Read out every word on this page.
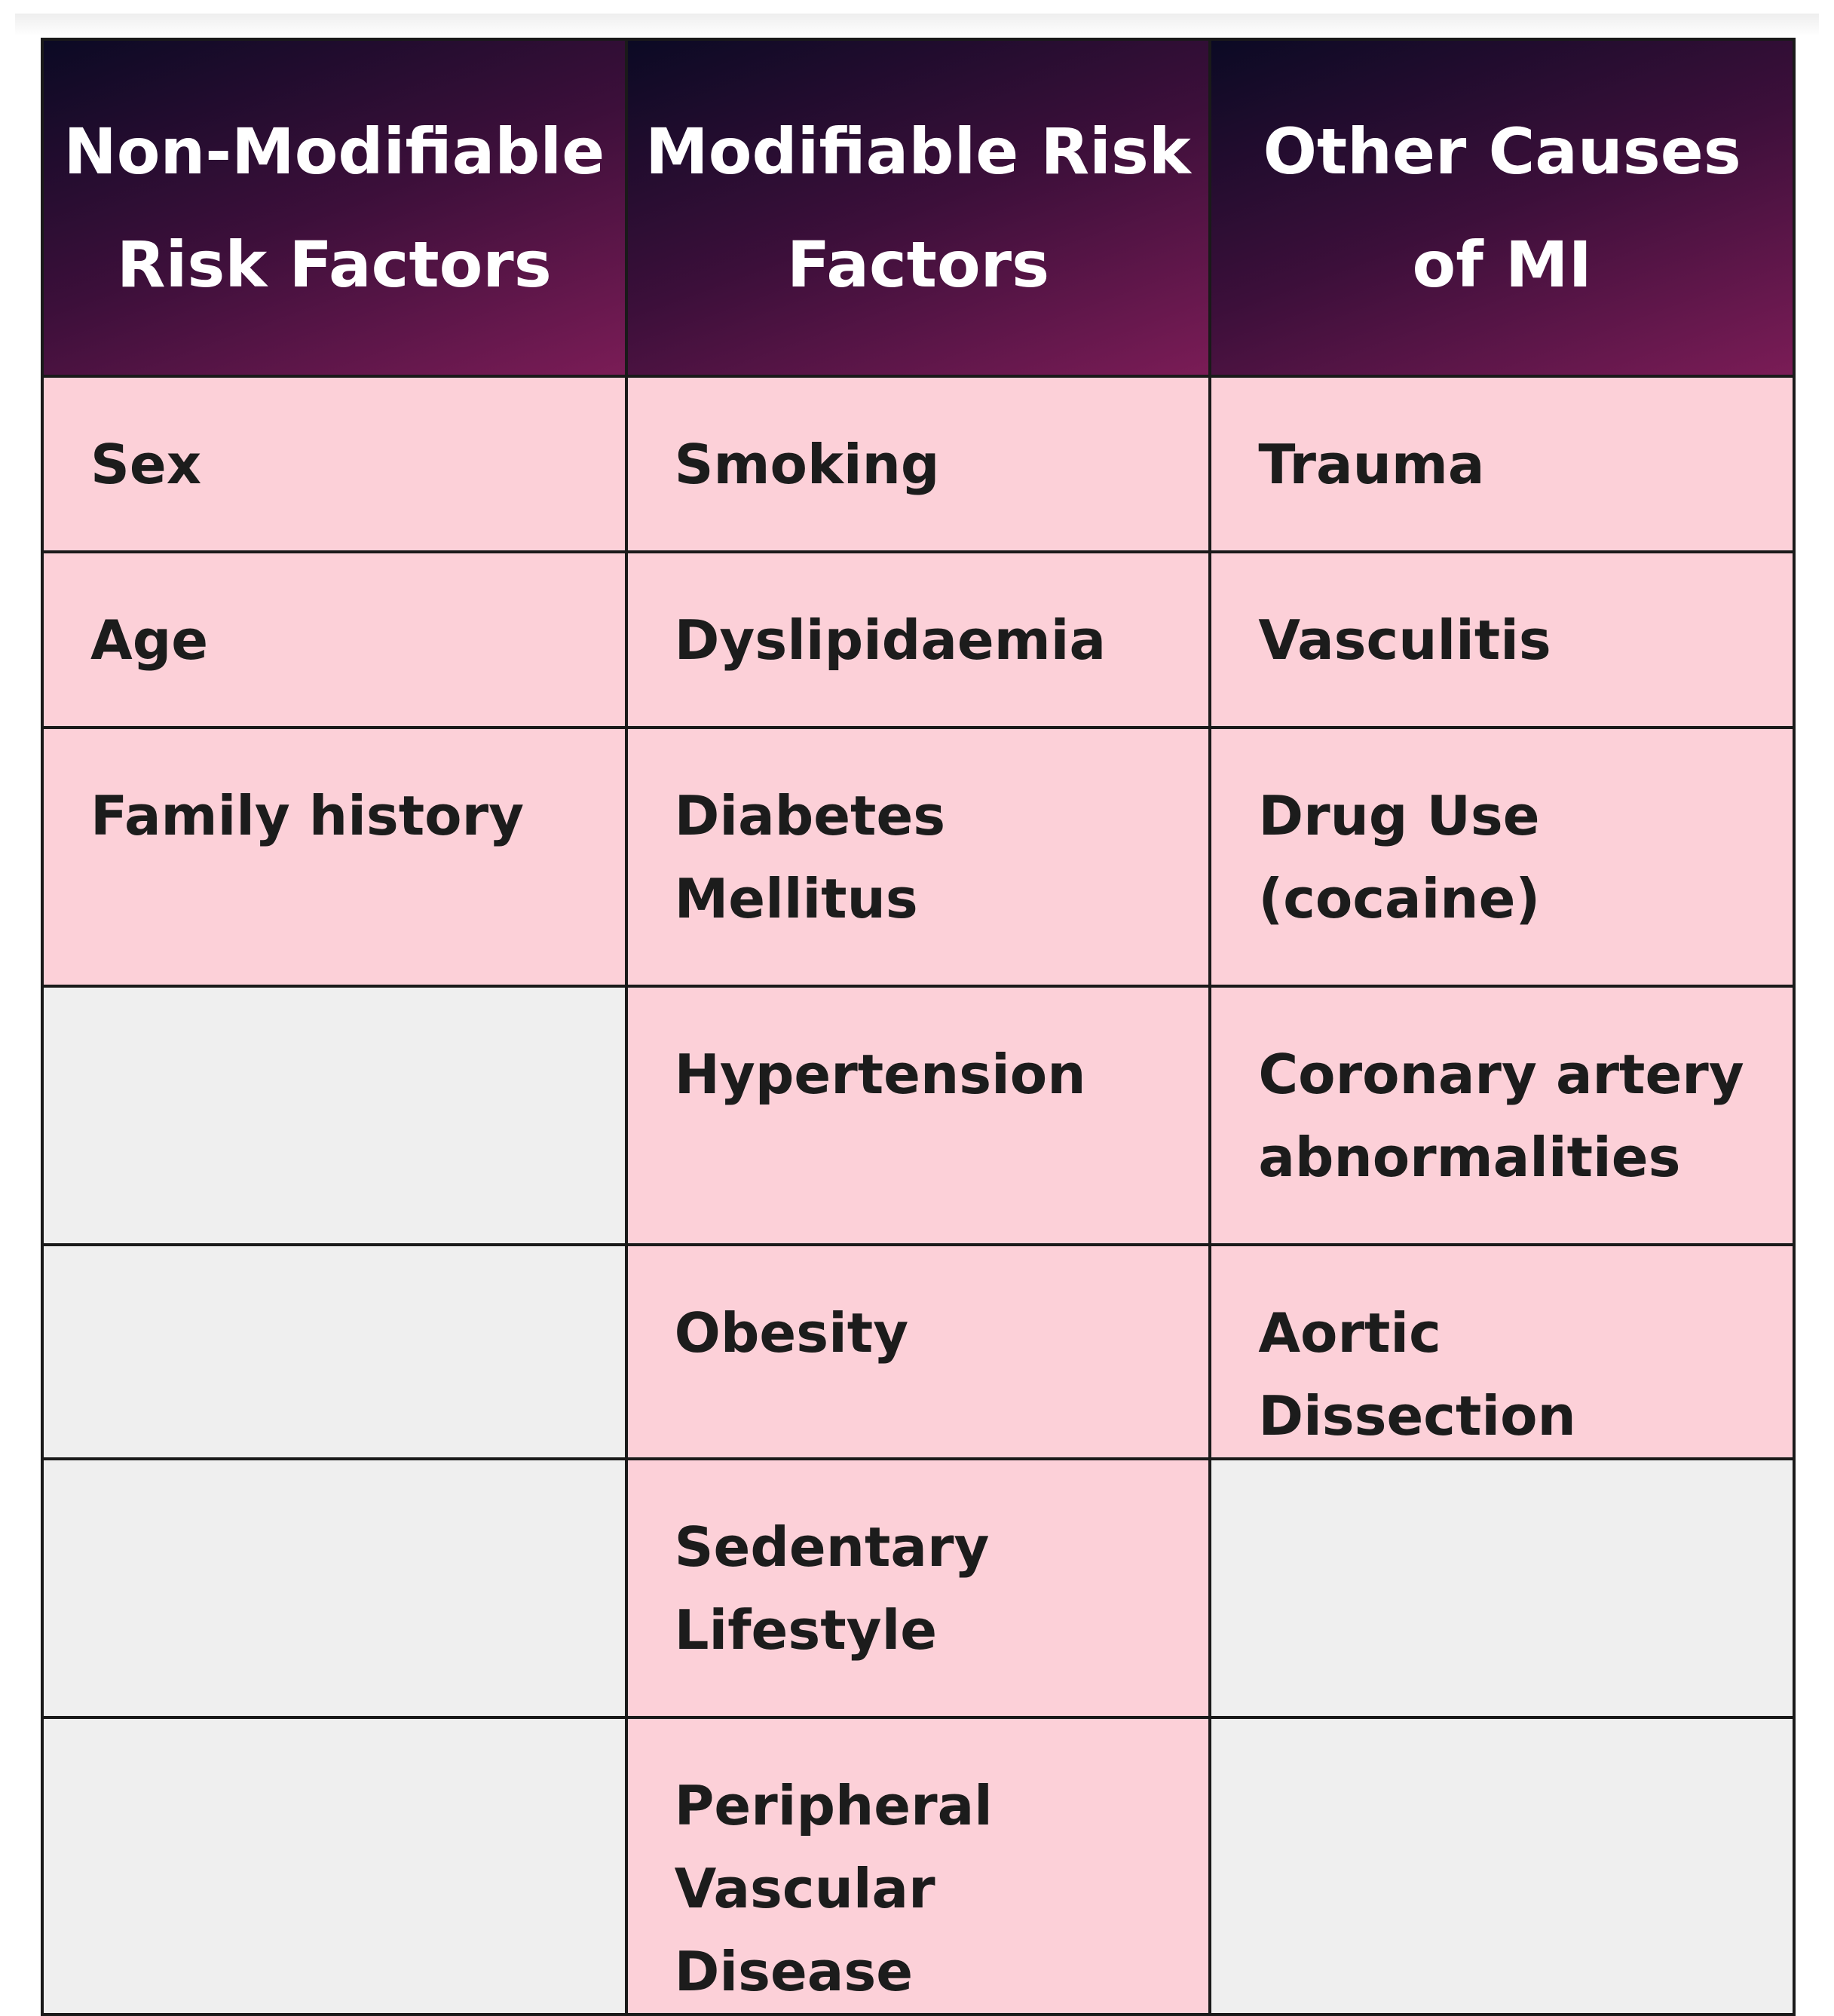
Non-Modifiable Risk Factors	Modifiable Risk Factors	Other Causes of MI

Sex	Smoking	Trauma

Age	Dyslipidaemia	Vasculitis

Family history	Diabetes Mellitus	Drug Use (cocaine)

	Hypertension	Coronary artery abnormalities

	Obesity	Aortic Dissection

	Sedentary Lifestyle	

	Peripheral Vascular Disease	
